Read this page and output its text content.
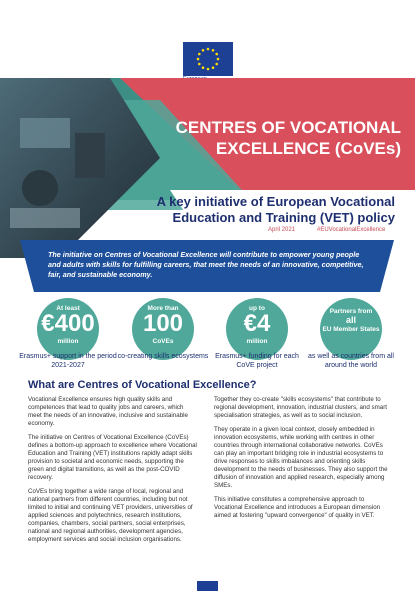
CENTRES OF VOCATIONAL
EXCELLENCE (CoVEs)
A key initiative of European Vocational
Education and Training (VET) policy
April 2021	#EUVocationalExcellence
The initiative on Centres of Vocational Excellence will contribute to empower young people and adults with skills for fulfilling careers, that meet the needs of an innovative, competitive, fair, and sustainable economy.
At least
€400
million
Erasmus+ support in the period 2021-2027
More than
100
CoVEs
co-creating skills ecosystems
up to
€4
million
Erasmus+ funding for each CoVE project
Partners from
all
EU Member States
as well as countries from all around the world
What are Centres of Vocational Excellence?

Vocational Excellence ensures high quality skills and competences that lead to quality jobs and careers, which meet the needs of an innovative, inclusive and sustainable economy.

The initiative on Centres of Vocational Excellence (CoVEs) defines a bottom-up approach to excellence where Vocational Education and Training (VET) institutions rapidly adapt skills provision to societal and economic needs, supporting the green and digital transitions, as well as the post-COVID recovery.

CoVEs bring together a wide range of local, regional and national partners from different countries, including but not limited to initial and continuing VET providers, universities of applied sciences and polytechnics, research institutions, companies, chambers, social partners, social enterprises, national and regional authorities, development agencies, employment services and social inclusion organisations.

Together they co-create "skills ecosystems" that contribute to regional development, innovation, industrial clusters, and smart specialisation strategies, as well as to social inclusion.

They operate in a given local context, closely embedded in innovation ecosystems, while working with centres in other countries through international collaborative networks. CoVEs can play an important bridging role in industrial ecosystems to drive responses to skills imbalances and orienting skills development to the needs of businesses. They also support the diffusion of innovation and applied research, especially among SMEs.

This initiative constitutes a comprehensive approach to Vocational Excellence and introduces a European dimension aimed at fostering "upward convergence" of quality in VET.
